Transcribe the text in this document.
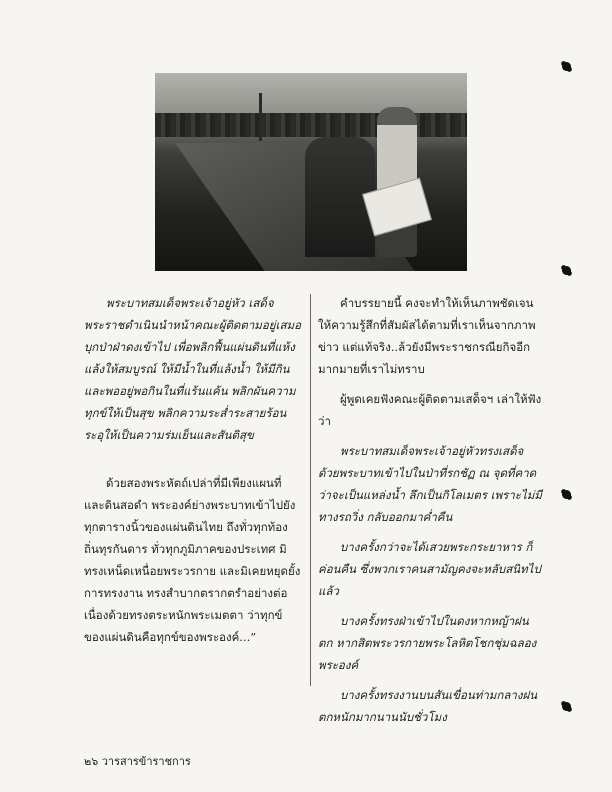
พระบาทสมเด็จพระเจ้าอยู่หัว เสด็จพระราชดำเนินนำหน้าคณะผู้ติดตามอยู่เสมอ บุกป่าฝ่าดงเข้าไป เพื่อพลิกฟื้นแผ่นดินที่แห้งแล้งให้สมบูรณ์ ให้มีน้ำในที่แล้งน้ำ ให้มีกินและพออยู่พอกินในที่แร้นแค้น พลิกผันความทุกข์ให้เป็นสุข พลิกความระส่ำระสายร้อนระอุให้เป็นความร่มเย็นและสันติสุข

ด้วยสองพระหัตถ์เปล่าที่มีเพียงแผนที่และดินสอดำ พระองค์ย่างพระบาทเข้าไปยังทุกตารางนิ้วของแผ่นดินไทย ถึงทั่วทุกท้องถิ่นทุรกันดาร ทั่วทุกภูมิภาคของประเทศ มิทรงเหน็ดเหนื่อยพระวรกาย และมิเคยหยุดยั้งการทรงงาน ทรงสำบากตรากตรำอย่างต่อเนื่องด้วยทรงตระหนักพระเมตตา ว่าทุกข์ของแผ่นดินคือทุกข์ของพระองค์...”

คำบรรยายนี้ คงจะทำให้เห็นภาพชัดเจน ให้ความรู้สึกที่สัมผัสได้ตามที่เราเห็นจากภาพข่าว แต่แท้จริง..ล้วยังมีพระราชกรณียกิจอีกมากมายที่เราไม่ทราบ

ผู้พูดเคยฟังคณะผู้ติดตามเสด็จฯ เล่าให้ฟังว่า

พระบาทสมเด็จพระเจ้าอยู่หัวทรงเสด็จด้วยพระบาทเข้าไปในป่าที่รกชัฏ ณ จุดที่คาดว่าจะเป็นแหล่งน้ำ ลึกเป็นกิโลเมตร เพราะไม่มีทางรถวิ่ง กลับออกมาค่ำคืน

บางครั้งกว่าจะได้เสวยพระกระยาหาร ก็ค่อนคืน ซึ่งพวกเราคนสามัญคงจะหลับสนิทไปแล้ว

บางครั้งทรงฝ่าเข้าไปในดงหากหญ้าฝนตก หากสิตพระวรกายพระโลหิตโชกชุ่มฉลองพระองค์

บางครั้งทรงงานบนสันเขื่อนท่ามกลางฝนตกหนักมากนานนับชั่วโมง

๒๖ วารสารข้าราชการ
